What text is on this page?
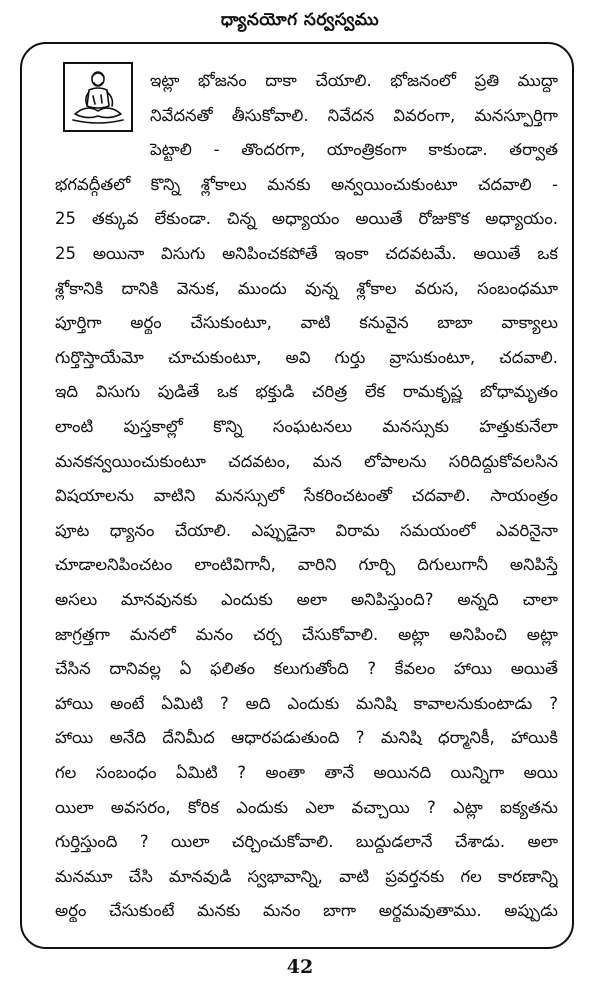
ధ్యానయోగ సర్వస్వము
ఇట్లా భోజనం దాకా చేయాలి. భోజనంలో ప్రతి ముద్దా
నివేదనతో తీసుకోవాలి. నివేదన వివరంగా, మనస్ఫూర్తిగా
పెట్టాలి - తొందరగా, యాంత్రికంగా కాకుండా. తర్వాత
భగవద్గీతలో కొన్ని శ్లోకాలు మనకు అన్వయించుకుంటూ చదవాలి -
25 తక్కువ లేకుండా. చిన్న అధ్యాయం అయితే రోజుకొక అధ్యాయం.
25 అయినా విసుగు అనిపించకపోతే ఇంకా చదవటమే. అయితే ఒక
శ్లోకానికి దానికి వెనుక, ముందు వున్న శ్లోకాల వరుస, సంబంధమూ
పూర్తిగా అర్థం చేసుకుంటూ, వాటి కనువైన బాబా వాక్యాలు
గుర్తొస్తాయేమో చూచుకుంటూ, అవి గుర్తు వ్రాసుకుంటూ, చదవాలి.
ఇది విసుగు పుడితే ఒక భక్తుడి చరిత్ర లేక రామకృష్ణ బోధామృతం
లాంటి పుస్తకాల్లో కొన్ని సంఘటనలు మనస్సుకు హత్తుకునేలా
మనకన్వయించుకుంటూ చదవటం, మన లోపాలను సరిదిద్దుకోవలసిన
విషయాలను వాటిని మనస్సులో సేకరించటంతో చదవాలి. సాయంత్రం
పూట ధ్యానం చేయాలి. ఎప్పుడైనా విరామ సమయంలో ఎవరినైనా
చూడాలనిపించటం లాంటివిగానీ, వారిని గూర్చి దిగులుగానీ అనిపిస్తే
అసలు మానవునకు ఎందుకు అలా అనిపిస్తుంది? అన్నది చాలా
జాగ్రత్తగా మనలో మనం చర్చ చేసుకోవాలి. అట్లా అనిపించి అట్లా
చేసిన దానివల్ల ఏ ఫలితం కలుగుతోంది ? కేవలం హాయి అయితే
హాయి అంటే ఏమిటి ? అది ఎందుకు మనిషి కావాలనుకుంటాడు ?
హాయి అనేది దేనిమీద ఆధారపడుతుంది ? మనిషి ధర్మానికీ, హాయికి
గల సంబంధం ఏమిటి ? అంతా తానే అయినది యిన్నిగా అయి
యిలా అవసరం, కోరిక ఎందుకు ఎలా వచ్చాయి ? ఎట్లా ఐక్యతను
గుర్తిస్తుంది ? యిలా చర్చించుకోవాలి. బుద్ధుడలానే చేశాడు. అలా
మనమూ చేసి మానవుడి స్వభావాన్ని, వాటి ప్రవర్తనకు గల కారణాన్ని
అర్థం చేసుకుంటే మనకు మనం బాగా అర్థమవుతాము. అప్పుడు
42
